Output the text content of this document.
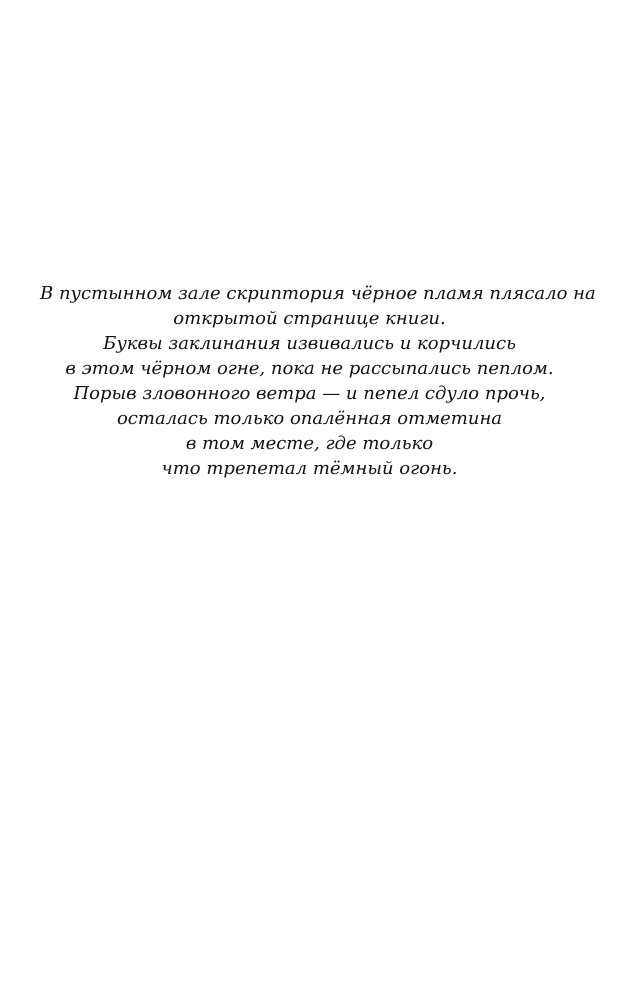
В пустынном зале скриптория чёрное пламя плясало на
открытой странице книги.
Буквы заклинания извивались и корчились
в этом чёрном огне, пока не рассыпались пеплом.
Порыв зловонного ветра — и пепел сдуло прочь,
осталась только опалённая отметина
в том месте, где только
что трепетал тёмный огонь.
